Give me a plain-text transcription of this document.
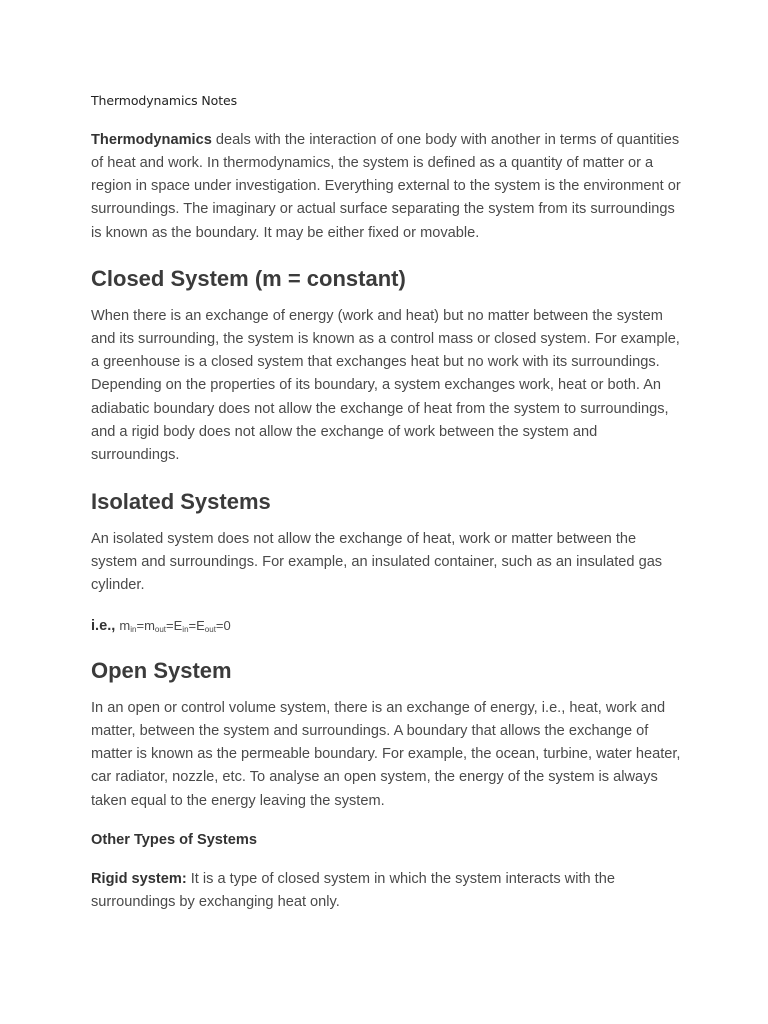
Thermodynamics Notes

Thermodynamics deals with the interaction of one body with another in terms of quantities of heat and work. In thermodynamics, the system is defined as a quantity of matter or a region in space under investigation. Everything external to the system is the environment or surroundings. The imaginary or actual surface separating the system from its surroundings is known as the boundary. It may be either fixed or movable.

Closed System (m = constant)

When there is an exchange of energy (work and heat) but no matter between the system and its surrounding, the system is known as a control mass or closed system. For example, a greenhouse is a closed system that exchanges heat but no work with its surroundings. Depending on the properties of its boundary, a system exchanges work, heat or both. An adiabatic boundary does not allow the exchange of heat from the system to surroundings, and a rigid body does not allow the exchange of work between the system and surroundings.

Isolated Systems

An isolated system does not allow the exchange of heat, work or matter between the system and surroundings. For example, an insulated container, such as an insulated gas cylinder.

i.e., $m_{in}=m_{out}=E_{in}=E_{out}=0$
Open System

In an open or control volume system, there is an exchange of energy, i.e., heat, work and matter, between the system and surroundings. A boundary that allows the exchange of matter is known as the permeable boundary. For example, the ocean, turbine, water heater, car radiator, nozzle, etc. To analyse an open system, the energy of the system is always taken equal to the energy leaving the system.

Other Types of Systems

Rigid system: It is a type of closed system in which the system interacts with the surroundings by exchanging heat only.
